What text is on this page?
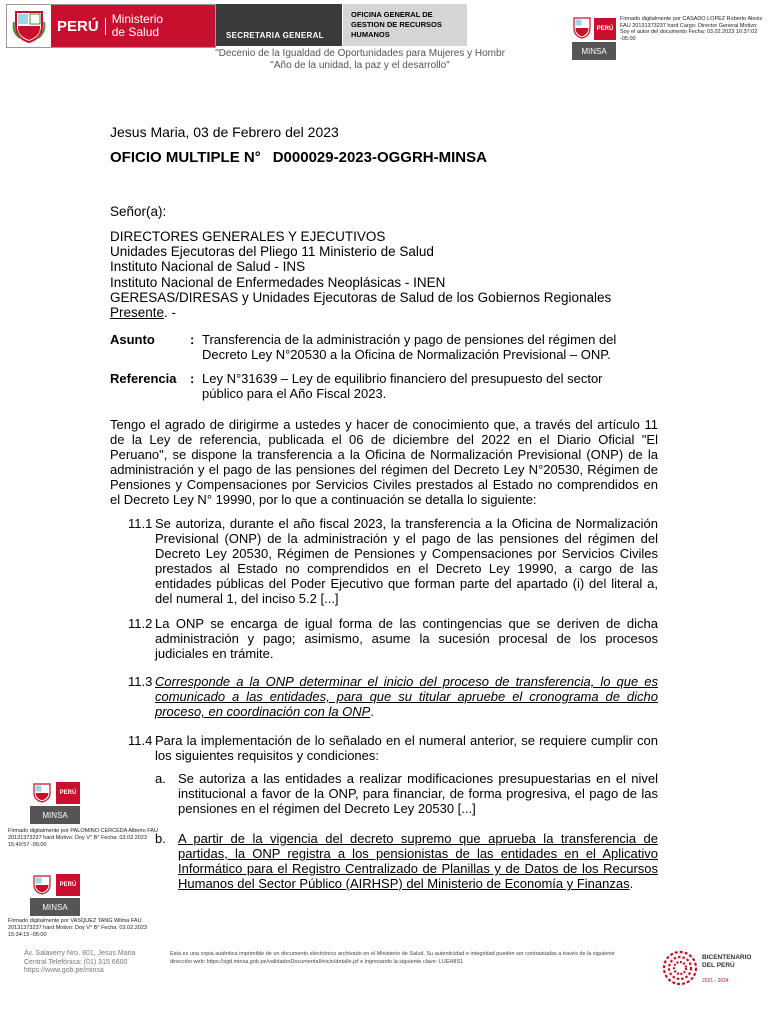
PERÚ	Ministerio
de Salud	SECRETARIA GENERAL
OFICINA GENERAL DE GESTION DE RECURSOS HUMANOS
"Decenio de la Igualdad de Oportunidades para Mujeres y Hombr
"Año de la unidad, la paz y el desarrollo"
PERÚ
MINSA
Firmado digitalmente por CASADO LOPEZ Roberto Alexis FAU 20131373237 hard Cargo: Director General Motivo: Soy el autor del documento Fecha: 03.02.2023 16:37:02 -05:00
Jesus Maria, 03 de Febrero del 2023
OFICIO MULTIPLE N° D000029-2023-OGGRH-MINSA
Señor(a):
DIRECTORES GENERALES Y EJECUTIVOS
Unidades Ejecutoras del Pliego 11 Ministerio de Salud
Instituto Nacional de Salud - INS
Instituto Nacional de Enfermedades Neoplásicas - INEN
GERESAS/DIRESAS y Unidades Ejecutoras de Salud de los Gobiernos Regionales
Presente. -
Asunto	: Transferencia de la administración y pago de pensiones del régimen del Decreto Ley N°20530 a la Oficina de Normalización Previsional – ONP.
Referencia : Ley N°31639 – Ley de equilibrio financiero del presupuesto del sector público para el Año Fiscal 2023.
Tengo el agrado de dirigirme a ustedes y hacer de conocimiento que, a través del artículo 11 de la Ley de referencia, publicada el 06 de diciembre del 2022 en el Diario Oficial "El Peruano", se dispone la transferencia a la Oficina de Normalización Previsional (ONP) de la administración y el pago de las pensiones del régimen del Decreto Ley N°20530, Régimen de Pensiones y Compensaciones por Servicios Civiles prestados al Estado no comprendidos en el Decreto Ley N° 19990, por lo que a continuación se detalla lo siguiente:
11.1 Se autoriza, durante el año fiscal 2023, la transferencia a la Oficina de Normalización Previsional (ONP) de la administración y el pago de las pensiones del régimen del Decreto Ley 20530, Régimen de Pensiones y Compensaciones por Servicios Civiles prestados al Estado no comprendidos en el Decreto Ley 19990, a cargo de las entidades públicas del Poder Ejecutivo que forman parte del apartado (i) del literal a, del numeral 1, del inciso 5.2 [...]
11.2 La ONP se encarga de igual forma de las contingencias que se deriven de dicha administración y pago; asimismo, asume la sucesión procesal de los procesos judiciales en trámite.
11.3 Corresponde a la ONP determinar el inicio del proceso de transferencia, lo que es comunicado a las entidades, para que su titular apruebe el cronograma de dicho proceso, en coordinación con la ONP.
11.4 Para la implementación de lo señalado en el numeral anterior, se requiere cumplir con los siguientes requisitos y condiciones:
a. Se autoriza a las entidades a realizar modificaciones presupuestarias en el nivel institucional a favor de la ONP, para financiar, de forma progresiva, el pago de las pensiones en el régimen del Decreto Ley 20530 [...]
b. A partir de la vigencia del decreto supremo que aprueba la transferencia de partidas, la ONP registra a los pensionistas de las entidades en el Aplicativo Informático para el Registro Centralizado de Planillas y de Datos de los Recursos Humanos del Sector Público (AIRHSP) del Ministerio de Economía y Finanzas.
PERÚ
MINSA
Firmado digitalmente por PALOMINO CERCEDA Alberto FAU 20131373237 hard Motivo: Doy V° B° Fecha: 03.02.2023 15:49:57 -05:00
PERÚ
MINSA
Firmado digitalmente por VASQUEZ TANG Wilma FAU 20131373237 hard Motivo: Doy V° B° Fecha: 03.02.2023 15:34:15 -05:00
Av. Salaverry Nro. 801, Jesus Maria
Central Telefónica: (01) 315 6600
https://www.gob.pe/minsa
Esta es una copia auténtica imprimible de un documento electrónico archivado en el Ministerio de Salud. Su autenticidad e integridad pueden ser contrastadas a través de la siguiente dirección web: https://sgd.minsa.gob.pe/validadorDocumental/inicio/detalle.jsf e ingresando la siguiente clave: LUEH8S1
BICENTENARIO
DEL PERÚ
2021 - 2024
